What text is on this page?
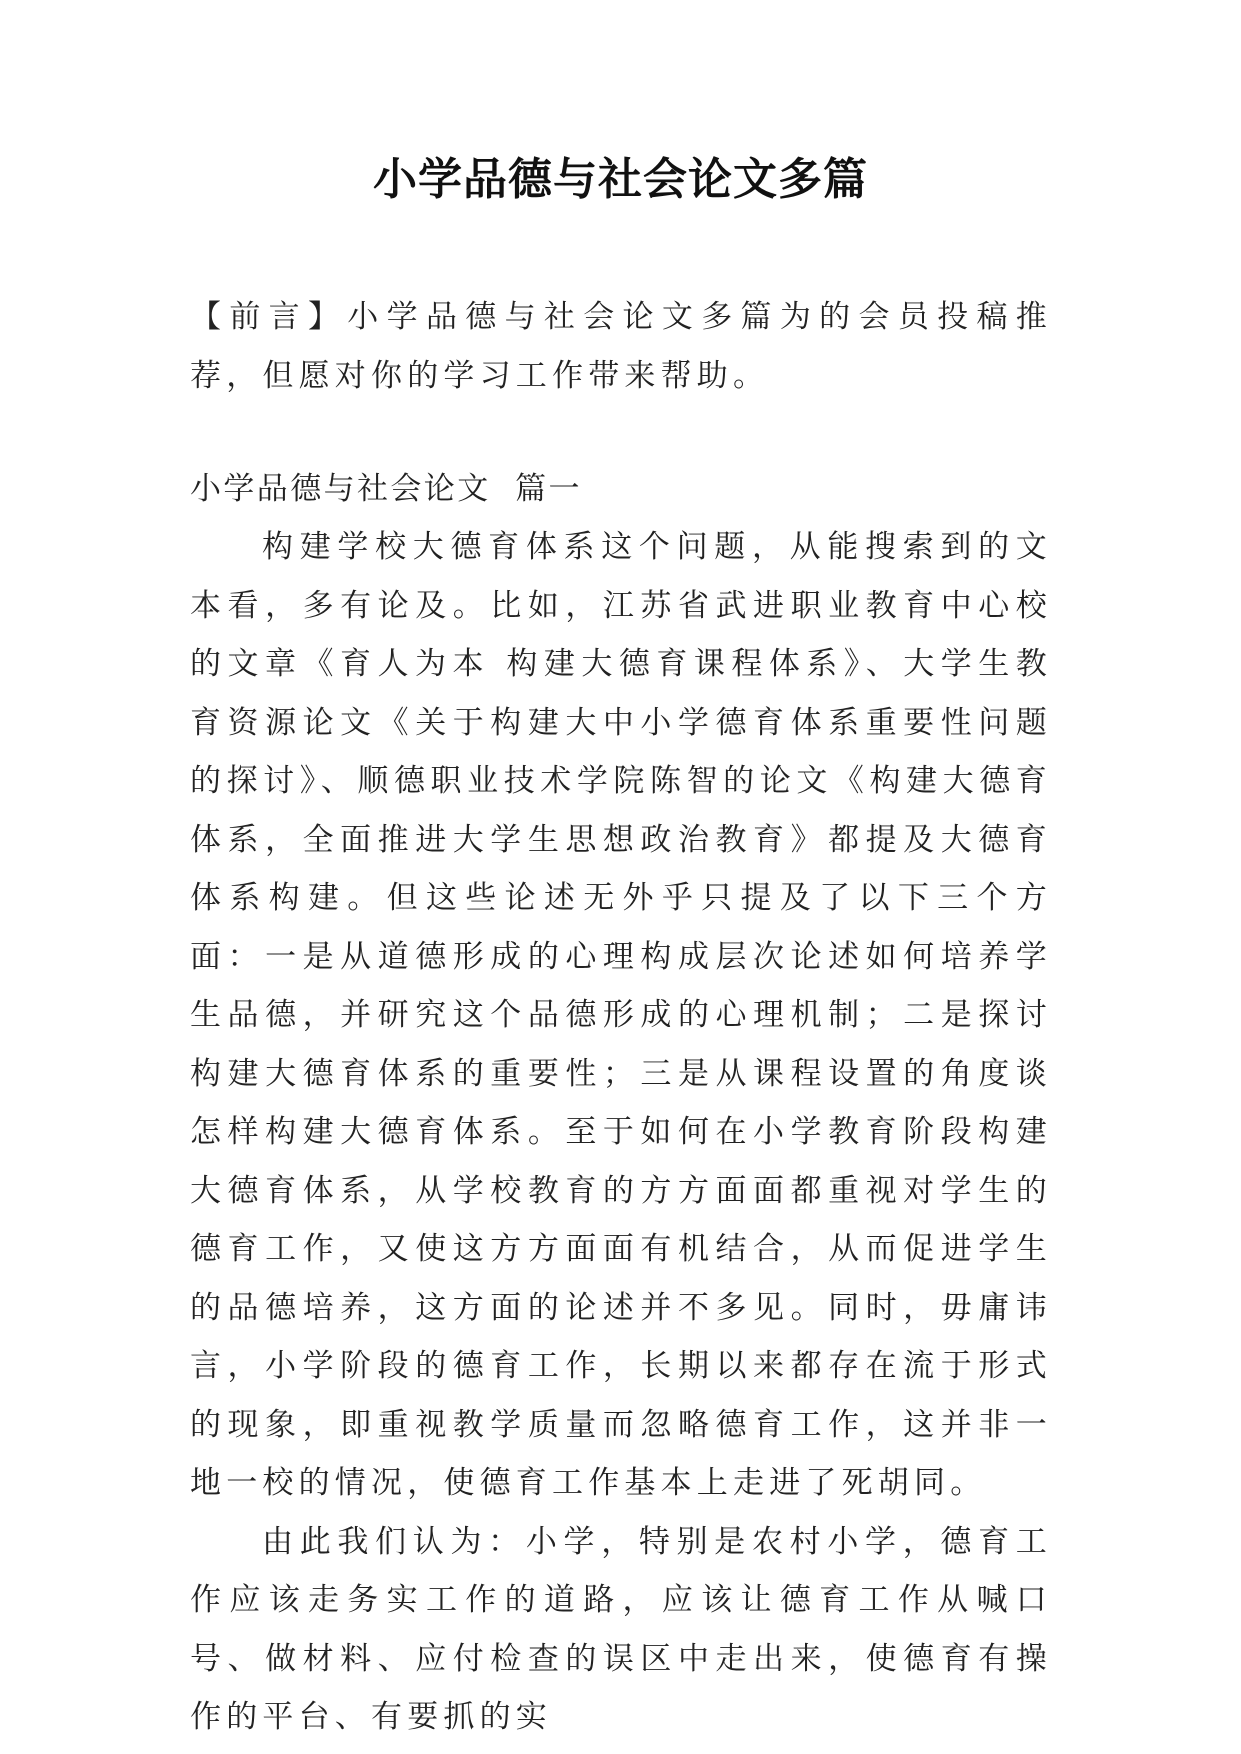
小学品德与社会论文多篇
【前言】小学品德与社会论文多篇为的会员投稿推荐，但愿对你的学习工作带来帮助。
小学品德与社会论文  篇一

构建学校大德育体系这个问题，从能搜索到的文本看，多有论及。比如，江苏省武进职业教育中心校的文章《育人为本 构建大德育课程体系》、大学生教育资源论文《关于构建大中小学德育体系重要性问题的探讨》、顺德职业技术学院陈智的论文《构建大德育体系，全面推进大学生思想政治教育》都提及大德育体系构建。但这些论述无外乎只提及了以下三个方面：一是从道德形成的心理构成层次论述如何培养学生品德，并研究这个品德形成的心理机制；二是探讨构建大德育体系的重要性；三是从课程设置的角度谈怎样构建大德育体系。至于如何在小学教育阶段构建大德育体系，从学校教育的方方面面都重视对学生的德育工作，又使这方方面面有机结合，从而促进学生的品德培养，这方面的论述并不多见。同时，毋庸讳言，小学阶段的德育工作，长期以来都存在流于形式的现象，即重视教学质量而忽略德育工作，这并非一地一校的情况，使德育工作基本上走进了死胡同。

由此我们认为：小学，特别是农村小学，德育工作应该走务实工作的道路，应该让德育工作从喊口号、做材料、应付检查的误区中走出来，使德育有操作的平台、有要抓的实
